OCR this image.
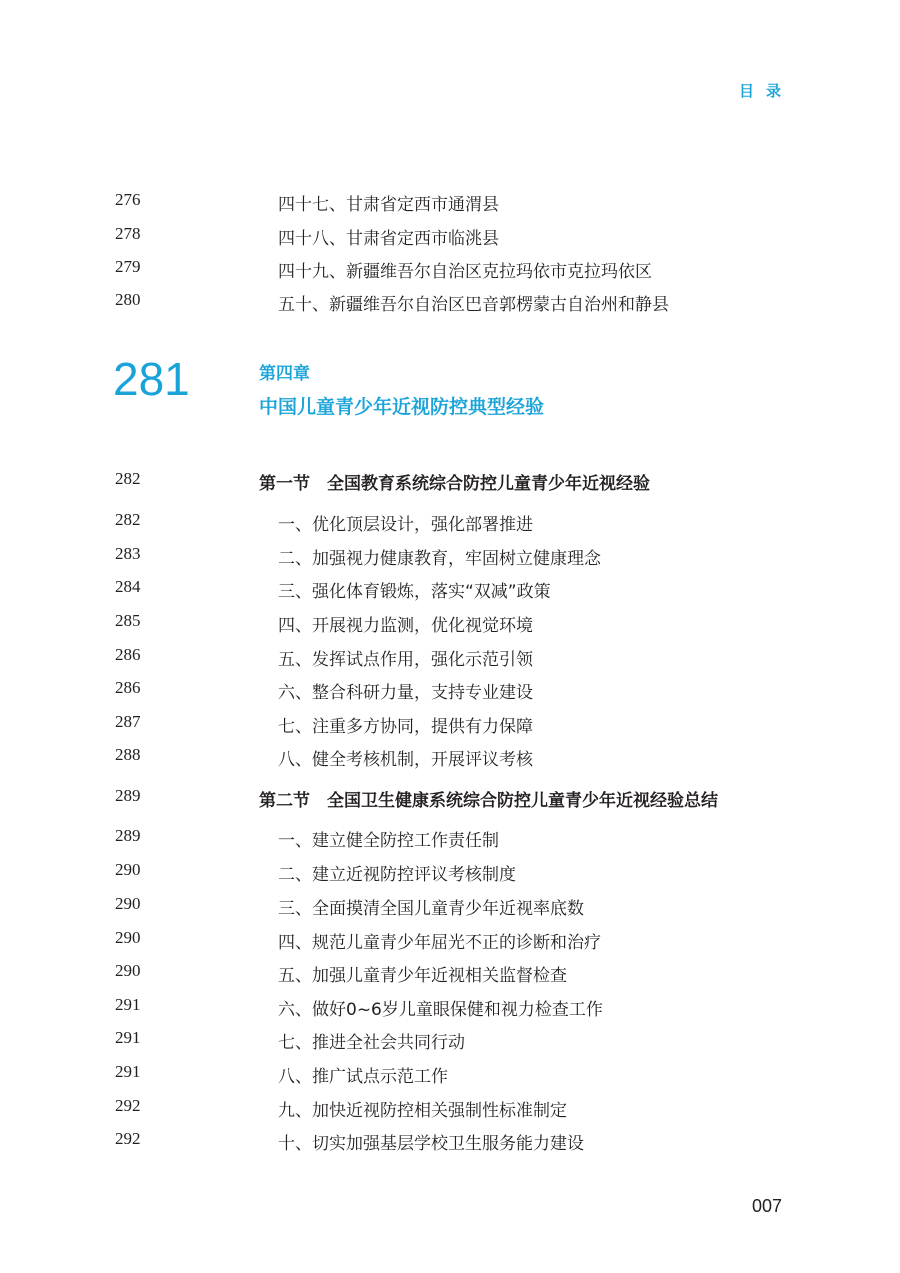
目录
276	四十七、甘肃省定西市通渭县
278	四十八、甘肃省定西市临洮县
279	四十九、新疆维吾尔自治区克拉玛依市克拉玛依区
280	五十、新疆维吾尔自治区巴音郭楞蒙古自治州和静县
281	第四章
中国儿童青少年近视防控典型经验
282	第一节　全国教育系统综合防控儿童青少年近视经验
282	一、优化顶层设计，强化部署推进
283	二、加强视力健康教育，牢固树立健康理念
284	三、强化体育锻炼，落实“双减”政策
285	四、开展视力监测，优化视觉环境
286	五、发挥试点作用，强化示范引领
286	六、整合科研力量，支持专业建设
287	七、注重多方协同，提供有力保障
288	八、健全考核机制，开展评议考核
289	第二节　全国卫生健康系统综合防控儿童青少年近视经验总结
289	一、建立健全防控工作责任制
290	二、建立近视防控评议考核制度
290	三、全面摸清全国儿童青少年近视率底数
290	四、规范儿童青少年屈光不正的诊断和治疗
290	五、加强儿童青少年近视相关监督检查
291	六、做好0~6岁儿童眼保健和视力检查工作
291	七、推进全社会共同行动
291	八、推广试点示范工作
292	九、加快近视防控相关强制性标准制定
292	十、切实加强基层学校卫生服务能力建设
007
